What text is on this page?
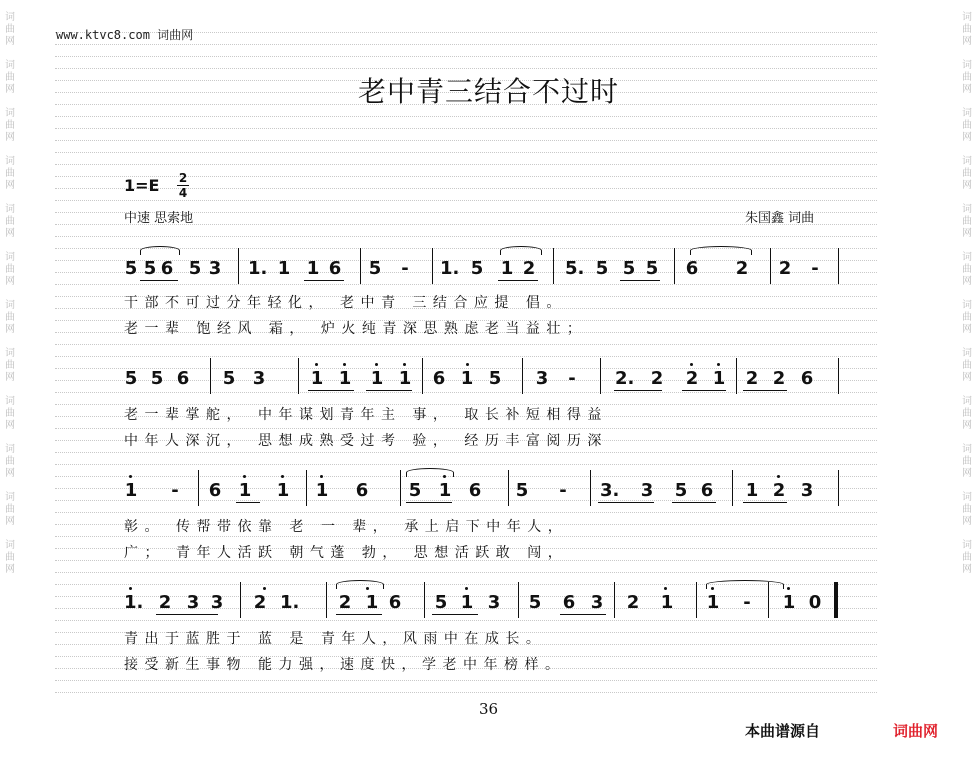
词
曲
网
词
曲
网
词
曲
网
词
曲
网
词
曲
网
词
曲
网
词
曲
网
词
曲
网
词
曲
网
词
曲
网
词
曲
网
词
曲
网
词
曲
网
词
曲
网
词
曲
网
词
曲
网
词
曲
网
词
曲
网
词
曲
网
词
曲
网
词
曲
网
词
曲
网
词
曲
网
词
曲
网
www.ktvc8.com 词曲网
老中青三结合不过时
1=E 2
4
中速 思索地	朱国鑫 词曲
5 5 6 5 3 1. 1 1 6 5 - 1. 5 1 2 5. 5 5 5 6 2 2 -
干部不可过分年轻化， 老中青 三结合应提 倡。
老一辈 饱经风 霜， 炉火纯青深思熟虑老当益壮；
5 5 6 5 3	1 1 1 1 6 1 5 3 - 2. 2 2 1 2 2 6
老一辈掌舵， 中年谋划青年主 事， 取长补短相得益
中年人深沉， 思想成熟受过考 验， 经历丰富阅历深
1 - 6 1 1 1 6 5 1 6 5 - 3. 3 5 6 1 2 3
彰。 传帮带依靠 老 一 辈， 承上启下中年人，
广； 青年人活跃 朝气蓬 勃， 思想活跃敢 闯，
1. 2 3 3 2 1. 2 1 6 5 1 3 5 6 3 2 1 1 - 1 0
青出于蓝胜于 蓝 是 青年人，风雨中在成长。
接受新生事物 能力强，速度快，学老中年榜样。
36
本曲谱源自	词曲网
